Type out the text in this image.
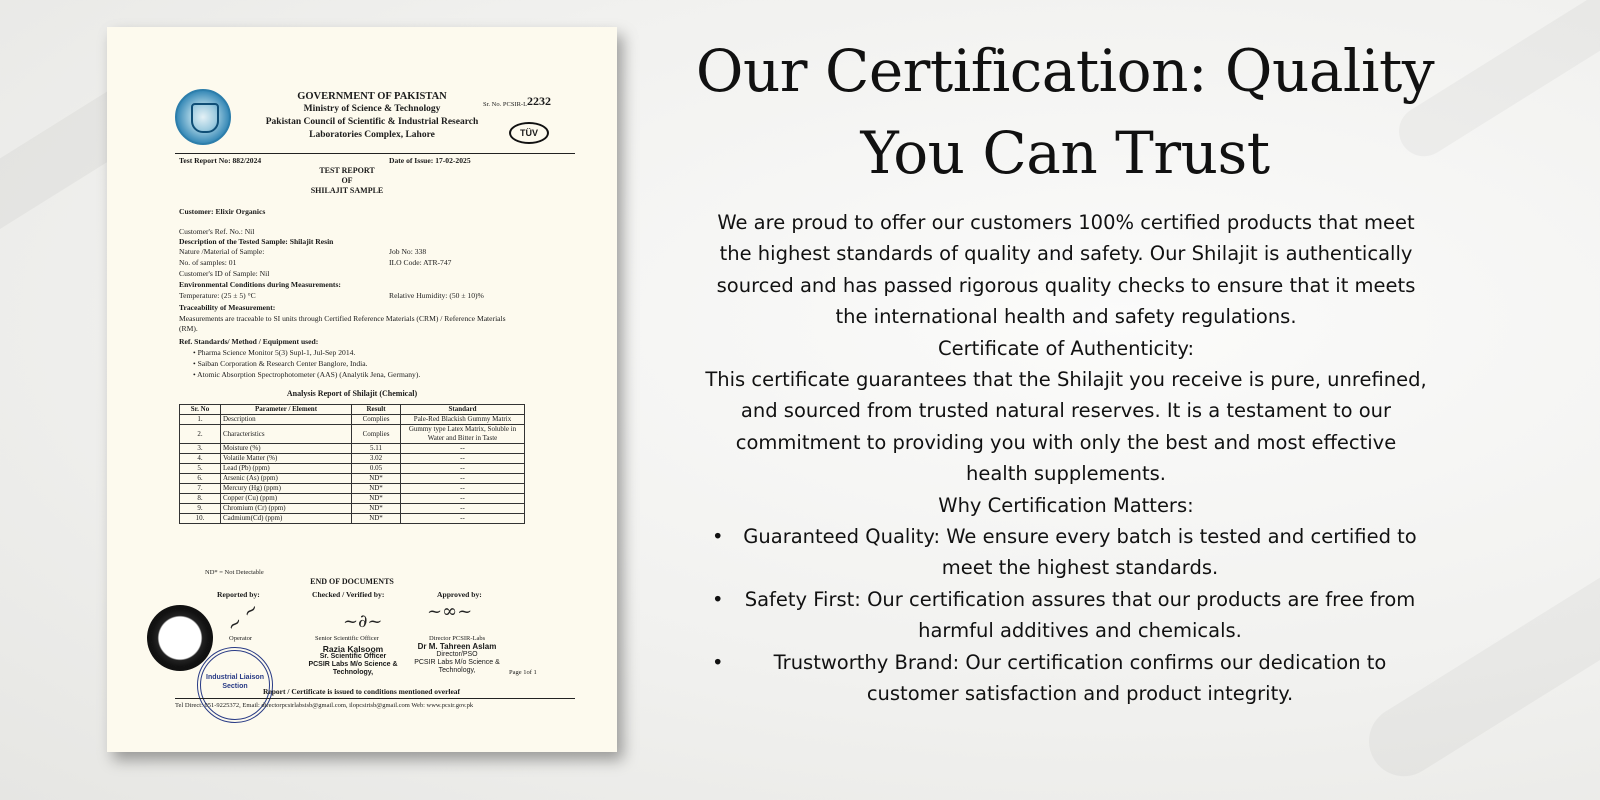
GOVERNMENT OF PAKISTAN
Ministry of Science & Technology
Pakistan Council of Scientific & Industrial Research
Laboratories Complex, Lahore
Sr. No. PCSIR-L 2232
TÜV
Test Report No: 882/2024	Date of Issue: 17-02-2025
TEST REPORT
OF
SHILAJIT SAMPLE
Customer: Elixir Organics
Customer's Ref. No.: Nil
Description of the Tested Sample: Shilajit Resin
Nature /Material of Sample:	Job No: 338
No. of samples: 01	ILO Code: ATR-747
Customer's ID of Sample: Nil
Environmental Conditions during Measurements:
Temperature: (25 ± 5) °C	Relative Humidity: (50 ± 10)%
Traceability of Measurement:
Measurements are traceable to SI units through Certified Reference Materials (CRM) / Reference Materials (RM).
Ref. Standards/ Method / Equipment used:
• Pharma Science Monitor 5(3) Supl-1, Jul-Sep 2014.
• Saiban Corporation & Research Center Banglore, India.
• Atomic Absorption Spectrophotometer (AAS) (Analytik Jena, Germany).
Analysis Report of Shilajit (Chemical)
Sr. No	Parameter / Element	Result	Standard
1.	Description	Complies	Pale-Red Blackish Gummy Matrix
2.	Characteristics	Complies	Gummy type Latex Matrix, Soluble in Water and Bitter in Taste
3.	Moisture (%)	5.11	--
4.	Volatile Matter (%)	3.02	--
5.	Lead (Pb) (ppm)	0.05	--
6.	Arsenic (As) (ppm)	ND*	--
7.	Mercury (Hg) (ppm)	ND*	--
8.	Copper (Cu) (ppm)	ND*	--
9.	Chromium (Cr) (ppm)	ND*	--
10.	Cadmium(Cd) (ppm)	ND*	--
ND* = Not Detectable
END OF DOCUMENTS
Reported by:	Checked / Verified by:	Approved by:
~ ~	~∂~ ~∞~
Operator	Senior Scientific Officer	Director PCSIR-Labs
Razia Kalsoom
Sr. Scientific Officer
PCSIR Labs M/o Science &
Technology,
Dr M. Tahreen Aslam
Director/PSO
PCSIR Labs M/o Science &
Technology,	Page 1of 1
Industrial Liaison Section
Report / Certificate is issued to conditions mentioned overleaf
Tel Direct: 051-9225372, Email: directorpcsirlabsisb@gmail.com, ilopcsirisb@gmail.com Web: www.pcsir.gov.pk
Our Certification: Quality You Can Trust

We are proud to offer our customers 100% certified products that meet the highest standards of quality and safety. Our Shilajit is authentically sourced and has passed rigorous quality checks to ensure that it meets the international health and safety regulations.

Certificate of Authenticity:

This certificate guarantees that the Shilajit you receive is pure, unrefined, and sourced from trusted natural reserves. It is a testament to our commitment to providing you with only the best and most effective health supplements.

Why Certification Matters:

• Guaranteed Quality: We ensure every batch is tested and certified to meet the highest standards.
• Safety First: Our certification assures that our products are free from harmful additives and chemicals.
•	Trustworthy Brand: Our certification confirms our dedication to customer satisfaction and product integrity.
